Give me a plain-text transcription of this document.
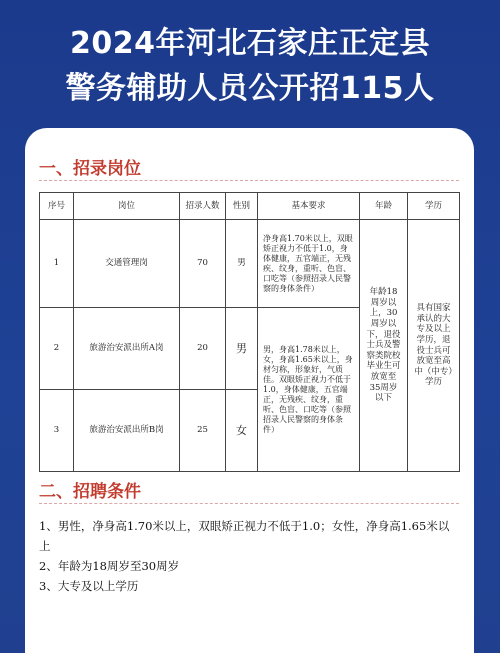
2024年河北石家庄正定县
警务辅助人员公开招115人
一、招录岗位
序号	岗位	招录人数	性别	基本要求	年龄	学历
1	交通管理岗	70	男	净身高1.70米以上，双眼矫正视力不低于1.0，身体健康，五官端正，无残疾、纹身，重听、色盲、口吃等（参照招录人民警察的身体条件）	年龄18周岁以上，30周岁以下，退役士兵及警察类院校毕业生可放宽至35周岁以下	具有国家承认的大专及以上学历，退役士兵可放宽至高中（中专）学历
2	旅游治安派出所A岗	20	男	男，身高1.78米以上，女，身高1.65米以上，身材匀称，形象好，气质佳。双眼矫正视力不低于1.0，身体健康，五官端正，无残疾、纹身，重听、色盲、口吃等（参照招录人民警察的身体条件）		
3	旅游治安派出所B岗	25	女			
二、招聘条件
1、男性，净身高1.70米以上，双眼矫正视力不低于1.0；女性，净身高1.65米以上
2、年龄为18周岁至30周岁
3、大专及以上学历
